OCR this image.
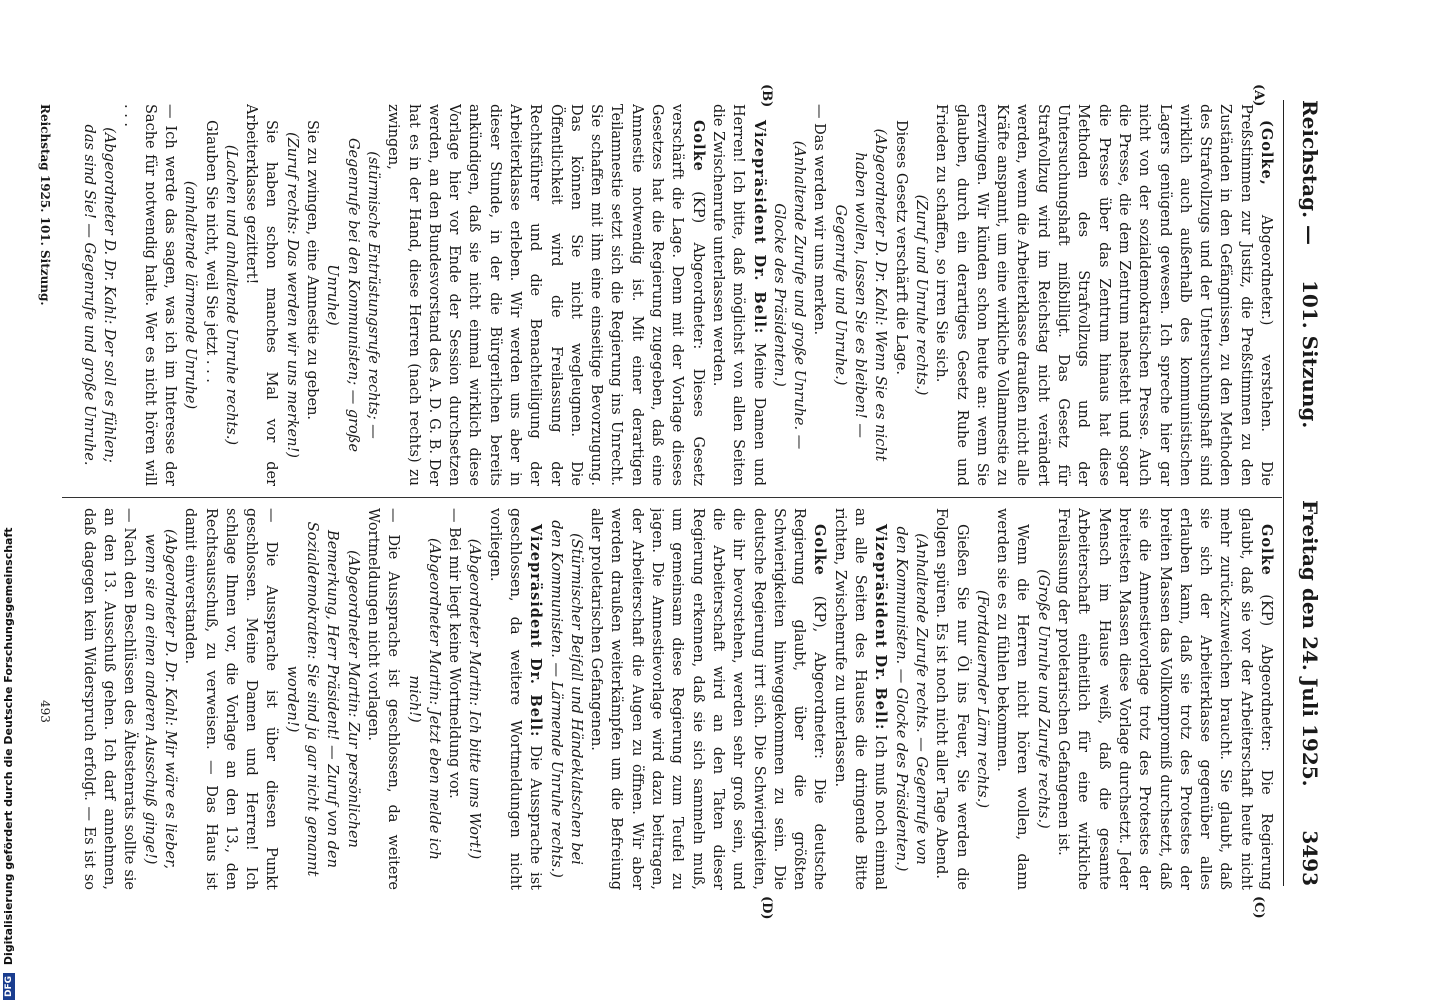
Reichstag. —
101. Sitzung.
Freitag den 24. Juli 1925.
3493
(A)
(B)
(C)
(D)

(Golke, Abgeordneter.) verstehen. Die Preßstimmen zur Justiz, die Preßstimmen zu den Zuständen in den Gefängnissen, zu den Methoden des Strafvollzugs und der Untersuchungshaft sind wirklich auch außerhalb des kommunistischen Lagers genügend gewesen. Ich spreche hier gar nicht von der sozialdemokratischen Presse. Auch die Presse, die dem Zentrum nahesteht und sogar die Presse über das Zentrum hinaus hat diese Methoden des Strafvollzugs und der Untersuchungshaft mißbilligt. Das Gesetz für Strafvollzug wird im Reichstag nicht verändert werden, wenn die Arbeiterklasse draußen nicht alle Kräfte anspannt, um eine wirkliche Vollamnestie zu erzwingen. Wir künden schon heute an: wenn Sie glauben, durch ein derartiges Gesetz Ruhe und Frieden zu schaffen, so irren Sie sich.

(Zuruf und Unruhe rechts.)

Dieses Gesetz verschärft die Lage.

(Abgeordneter D. Dr. Kahl: Wenn Sie es nicht haben wollen, lassen Sie es bleiben! — Gegenrufe und Unruhe.)

— Das werden wir uns merken.

(Anhaltende Zurufe und große Unruhe. — Glocke des Präsidenten.)

Vizepräsident Dr. Bell: Meine Damen und Herren! Ich bitte, daß möglichst von allen Seiten die Zwischenrufe unterlassen werden.

Golke (KP) Abgeordneter: Dieses Gesetz verschärft die Lage. Denn mit der Vorlage dieses Gesetzes hat die Regierung zugegeben, daß eine Amnestie notwendig ist. Mit einer derartigen Teilamnestie setzt sich die Regierung ins Unrecht. Sie schaffen mit ihm eine einseitige Bevorzugung. Das können Sie nicht wegleugnen. Die Öffentlichkeit wird die Freilassung der Rechtsführer und die Benachteiligung der Arbeiterklasse erleben. Wir werden uns aber in dieser Stunde, in der die Bürgerlichen bereits ankündigen, daß sie nicht einmal wirklich diese Vorlage hier vor Ende der Session durchsetzen werden, an den Bundesvorstand des A. D. G. B. Der hat es in der Hand, diese Herren (nach rechts) zu zwingen,

(stürmische Entrüstungsrufe rechts; — Gegenrufe bei den Kommunisten; — große Unruhe)

Sie zu zwingen, eine Amnestie zu geben.

(Zuruf rechts: Das werden wir uns merken!)

Sie haben schon manches Mal vor der Arbeiterklasse gezittert!

(Lachen und anhaltende Unruhe rechts.)

Glauben Sie nicht, weil Sie jetzt . . .

(anhaltende lärmende Unruhe)

— Ich werde das sagen, was ich im Interesse der Sache für notwendig halte. Wer es nicht hören will . . .

(Abgeordneter D. Dr. Kahl: Der soll es fühlen; das sind Sie! — Gegenrufe und große Unruhe.

Golke (KP) Abgeordneter: Die Regierung glaubt, daß sie vor der Arbeiterschaft heute nicht mehr zurück-zuweichen braucht. Sie glaubt, daß sie sich der Arbeiterklasse gegenüber alles erlauben kann, daß sie trotz des Protestes der breiten Massen das Vollkompromiß durchsetzt, daß sie die Amnestievorlage trotz des Protestes der breitesten Massen diese Vorlage durchsetzt. Jeder Mensch im Hause weiß, daß die gesamte Arbeiterschaft einheitlich für eine wirkliche Freilassung der proletarischen Gefangenen ist.

(Große Unruhe und Zurufe rechts.)

Wenn die Herren nicht hören wollen, dann werden sie es zu fühlen bekommen.

(Fortdauernder Lärm rechts.)

Gießen Sie nur Öl ins Feuer, Sie werden die Folgen spüren. Es ist noch nicht aller Tage Abend.

(Anhaltende Zurufe rechts. — Gegenrufe von den Kommunisten. — Glocke des Präsidenten.)

Vizepräsident Dr. Bell: Ich muß noch einmal an alle Seiten des Hauses die dringende Bitte richten, Zwischenrufe zu unterlassen.

Golke (KP), Abgeordneter: Die deutsche Regierung glaubt, über die größten Schwierigkeiten hinweggekommen zu sein. Die deutsche Regierung irrt sich. Die Schwierigkeiten, die ihr bevorstehen, werden sehr groß sein, und die Arbeiterschaft wird an den Taten dieser Regierung erkennen, daß sie sich sammeln muß, um gemeinsam diese Regierung zum Teufel zu jagen. Die Amnestievorlage wird dazu beitragen, der Arbeiterschaft die Augen zu öffnen. Wir aber werden draußen weiterkämpfen um die Befreiung aller proletarischen Gefangenen.

(Stürmischer Beifall und Händeklatschen bei den Kommunisten. — Lärmende Unruhe rechts.)

Vizepräsident Dr. Bell: Die Aussprache ist geschlossen, da weitere Wortmeldungen nicht vorliegen.

(Abgeordneter Martin: Ich bitte ums Wort!)

— Bei mir liegt keine Wortmeldung vor.

(Abgeordneter Martin: Jetzt eben melde ich mich!)

— Die Aussprache ist geschlossen, da weitere Wortmeldungen nicht vorlagen.

(Abgeordneter Martin: Zur persönlichen Bemerkung, Herr Präsident! — Zuruf von den Sozialdemokraten: Sie sind ja gar nicht genannt worden!)

— Die Aussprache ist über diesen Punkt geschlossen. Meine Damen und Herren! Ich schlage Ihnen vor, die Vorlage an den 13., den Rechtsausschuß, zu verweisen. — Das Haus ist damit einverstanden.

(Abgeordneter D. Dr. Kahl: Mir wäre es lieber, wenn sie an einen anderen Ausschuß ginge!)

— Nach den Beschlüssen des Ältestenrats sollte sie an den 13. Ausschuß gehen. Ich darf annehmen, daß dagegen kein Widerspruch erfolgt. — Es ist so

Reichstag 1925. 101. Sitzung.
493
DFG Digitalisierung gefördert durch die Deutsche Forschungsgemeinschaft
